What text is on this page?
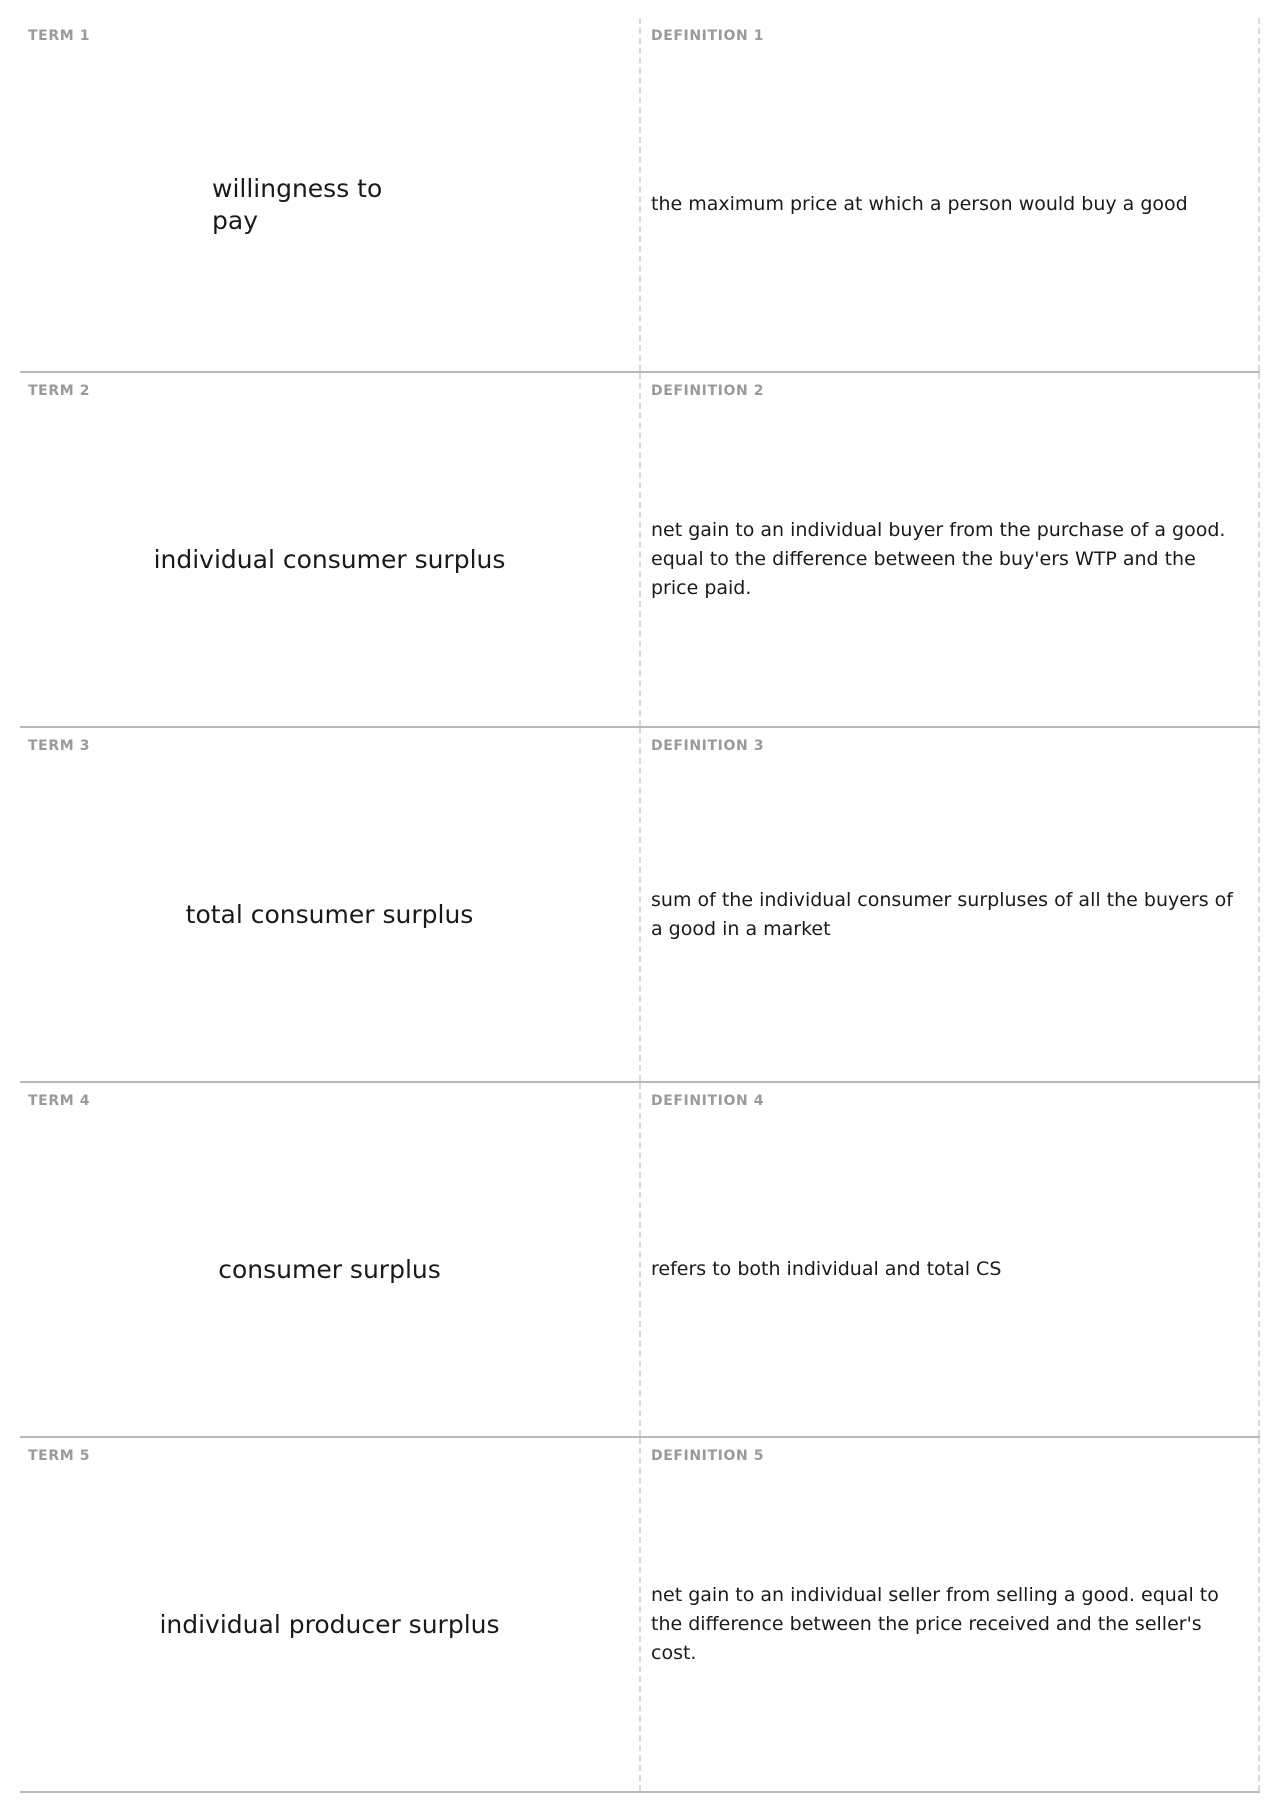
TERM 1
willingness to pay
DEFINITION 1
the maximum price at which a person would buy a good
TERM 2
individual consumer surplus
DEFINITION 2
net gain to an individual buyer from the purchase of a good. equal to the difference between the buy'ers WTP and the price paid.
TERM 3
total consumer surplus
DEFINITION 3
sum of the individual consumer surpluses of all the buyers of a good in a market
TERM 4
consumer surplus
DEFINITION 4
refers to both individual and total CS
TERM 5
individual producer surplus
DEFINITION 5
net gain to an individual seller from selling a good. equal to the difference between the price received and the seller's cost.
